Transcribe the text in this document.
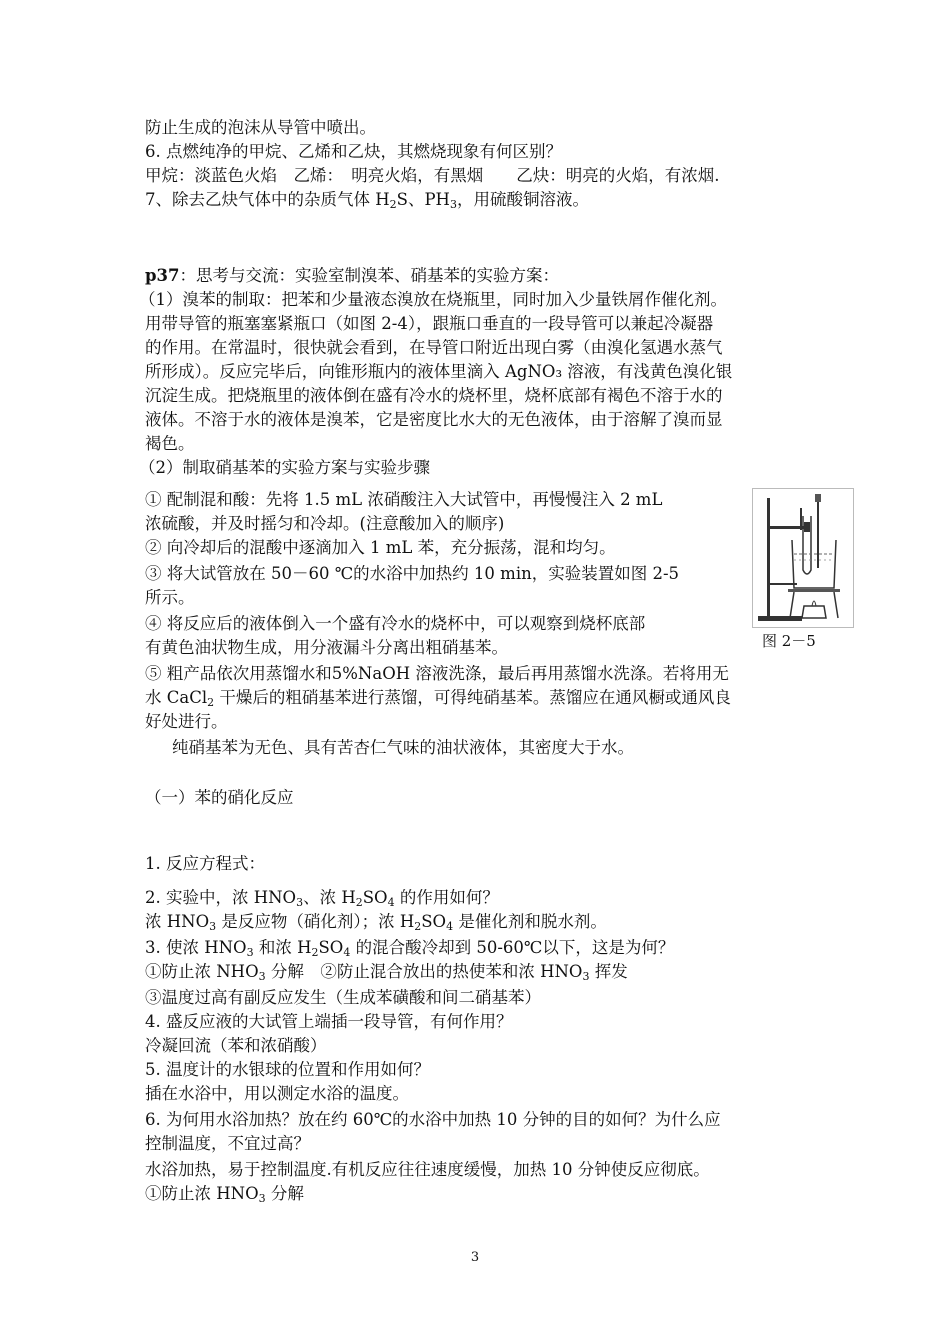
防止生成的泡沫从导管中喷出。
6. 点燃纯净的甲烷、乙烯和乙炔，其燃烧现象有何区别？
甲烷：淡蓝色火焰　乙烯：　明亮火焰，有黑烟　　乙炔：明亮的火焰，有浓烟.
7、除去乙炔气体中的杂质气体 $H_2S$、$PH_3$，用硫酸铜溶液。
p37：思考与交流：实验室制溴苯、硝基苯的实验方案：
（1）溴苯的制取：把苯和少量液态溴放在烧瓶里，同时加入少量铁屑作催化剂。
用带导管的瓶塞塞紧瓶口（如图 2-4），跟瓶口垂直的一段导管可以兼起冷凝器
的作用。在常温时，很快就会看到，在导管口附近出现白雾（由溴化氢遇水蒸气
所形成）。反应完毕后，向锥形瓶内的液体里滴入 AgNO₃ 溶液，有浅黄色溴化银
沉淀生成。把烧瓶里的液体倒在盛有冷水的烧杯里，烧杯底部有褐色不溶于水的
液体。不溶于水的液体是溴苯，它是密度比水大的无色液体，由于溶解了溴而显
褐色。
（2）制取硝基苯的实验方案与实验步骤
① 配制混和酸：先将 1.5 mL 浓硝酸注入大试管中，再慢慢注入 2 mL
浓硫酸，并及时摇匀和冷却。(注意酸加入的顺序)
② 向冷却后的混酸中逐滴加入 1 mL 苯，充分振荡，混和均匀。
③ 将大试管放在 50－60 ℃的水浴中加热约 10 min，实验装置如图 2-5
所示。
④ 将反应后的液体倒入一个盛有冷水的烧杯中，可以观察到烧杯底部
有黄色油状物生成，用分液漏斗分离出粗硝基苯。
⑤ 粗产品依次用蒸馏水和5%NaOH 溶液洗涤，最后再用蒸馏水洗涤。若将用无
水 CaCl$_2$ 干燥后的粗硝基苯进行蒸馏，可得纯硝基苯。蒸馏应在通风橱或通风良
好处进行。
纯硝基苯为无色、具有苦杏仁气味的油状液体，其密度大于水。
（一）苯的硝化反应
1. 反应方程式：
2. 实验中，浓 $HNO_3$、浓 $H_2SO_4$ 的作用如何？
浓 $HNO_3$ 是反应物（硝化剂）；浓 $H_2SO_4$ 是催化剂和脱水剂。
3. 使浓 $HNO_3$ 和浓 $H_2SO_4$ 的混合酸冷却到 50-60℃以下，这是为何？
①防止浓 $NHO_3$ 分解　②防止混合放出的热使苯和浓 $HNO_3$ 挥发
③温度过高有副反应发生（生成苯磺酸和间二硝基苯）
4. 盛反应液的大试管上端插一段导管，有何作用？
冷凝回流（苯和浓硝酸）
5. 温度计的水银球的位置和作用如何？
插在水浴中，用以测定水浴的温度。
6. 为何用水浴加热？放在约 60℃的水浴中加热 10 分钟的目的如何？为什么应
控制温度，不宜过高？
水浴加热，易于控制温度.有机反应往往速度缓慢，加热 10 分钟使反应彻底。
①防止浓 $HNO_3$ 分解
图 2－5
3
